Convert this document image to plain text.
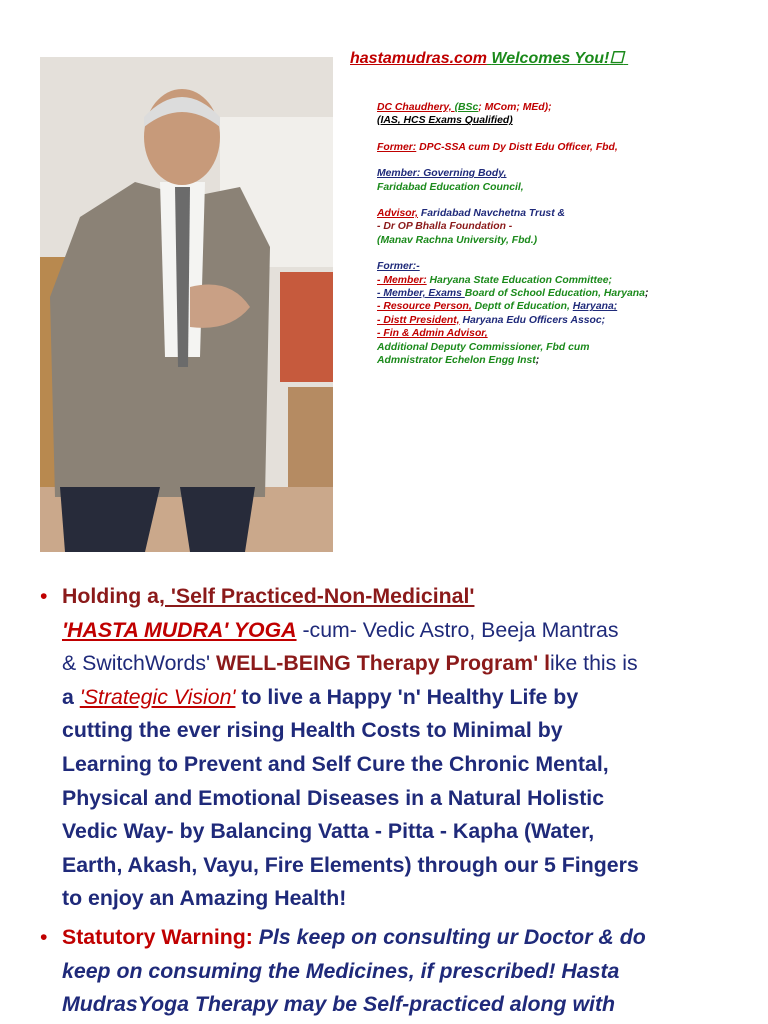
hastamudras.com Welcomes You!☐

DC Chaudhery, (BSc; MCom; MEd);

(IAS, HCS Exams Qualified)

Former: DPC-SSA cum Dy Distt Edu Officer, Fbd,

Member: Governing Body,

Faridabad Education Council,

Advisor, Faridabad Navchetna Trust &

- Dr OP Bhalla Foundation -

(Manav Rachna University, Fbd.)

Former:-

- Member: Haryana State Education Committee;

- Member, Exams Board of School Education, Haryana;

- Resource Person, Deptt of Education, Haryana;

- Distt President, Haryana Edu Officers Assoc;

- Fin & Admin Advisor,

Additional Deputy Commissioner, Fbd cum

Admnistrator Echelon Engg Inst;

• Holding a, 'Self Practiced-Non-Medicinal'
'HASTA MUDRA' YOGA -cum- Vedic Astro, Beeja Mantras
& SwitchWords' WELL-BEING Therapy Program' like this is
a 'Strategic Vision' to live a Happy 'n' Healthy Life by
cutting the ever rising Health Costs to Minimal by
Learning to Prevent and Self Cure the Chronic Mental,
Physical and Emotional Diseases in a Natural Holistic
Vedic Way- by Balancing Vatta - Pitta - Kapha (Water,
Earth, Akash, Vayu, Fire Elements) through our 5 Fingers
to enjoy an Amazing Health!
• Statutory Warning: Pls keep on consulting ur Doctor & do
keep on consuming the Medicines, if prescribed! Hasta
MudrasYoga Therapy may be Self-practiced along with
